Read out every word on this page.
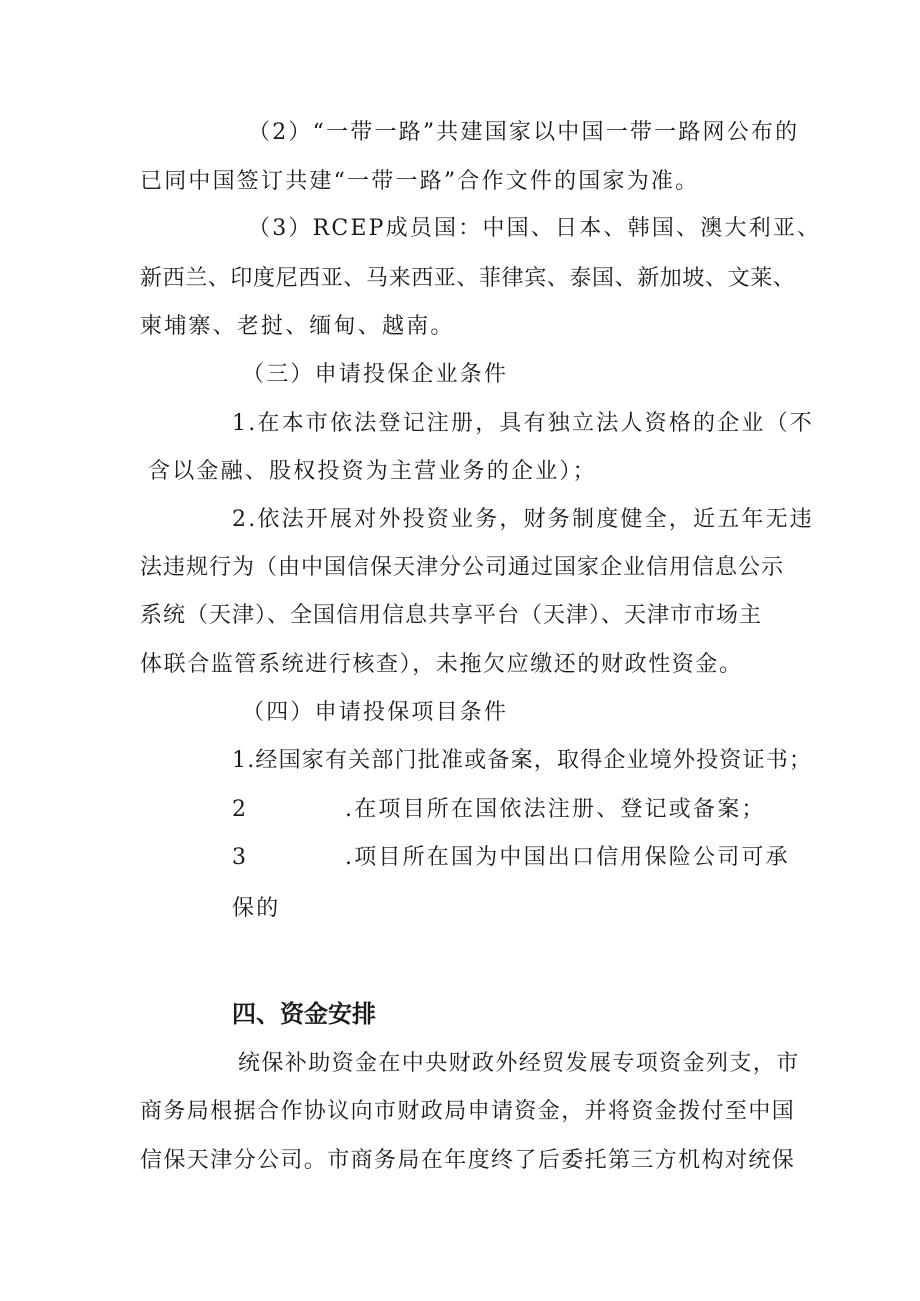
（2）“一带一路”共建国家以中国一带一路网公布的
已同中国签订共建“一带一路”合作文件的国家为准。
（3）RCEP成员国：中国、日本、韩国、澳大利亚、
新西兰、印度尼西亚、马来西亚、菲律宾、泰国、新加坡、文莱、
柬埔寨、老挝、缅甸、越南。
（三）申请投保企业条件
1.在本市依法登记注册，具有独立法人资格的企业（不
含以金融、股权投资为主营业务的企业）；
2.依法开展对外投资业务，财务制度健全，近五年无违
法违规行为（由中国信保天津分公司通过国家企业信用信息公示
系统（天津）、全国信用信息共享平台（天津）、天津市市场主
体联合监管系统进行核查），未拖欠应缴还的财政性资金。
（四）申请投保项目条件
1.经国家有关部门批准或备案，取得企业境外投资证书；
2	.在项目所在国依法注册、登记或备案；
3	.项目所在国为中国出口信用保险公司可承
保的
四、资金安排
统保补助资金在中央财政外经贸发展专项资金列支，市
商务局根据合作协议向市财政局申请资金，并将资金拨付至中国
信保天津分公司。市商务局在年度终了后委托第三方机构对统保
